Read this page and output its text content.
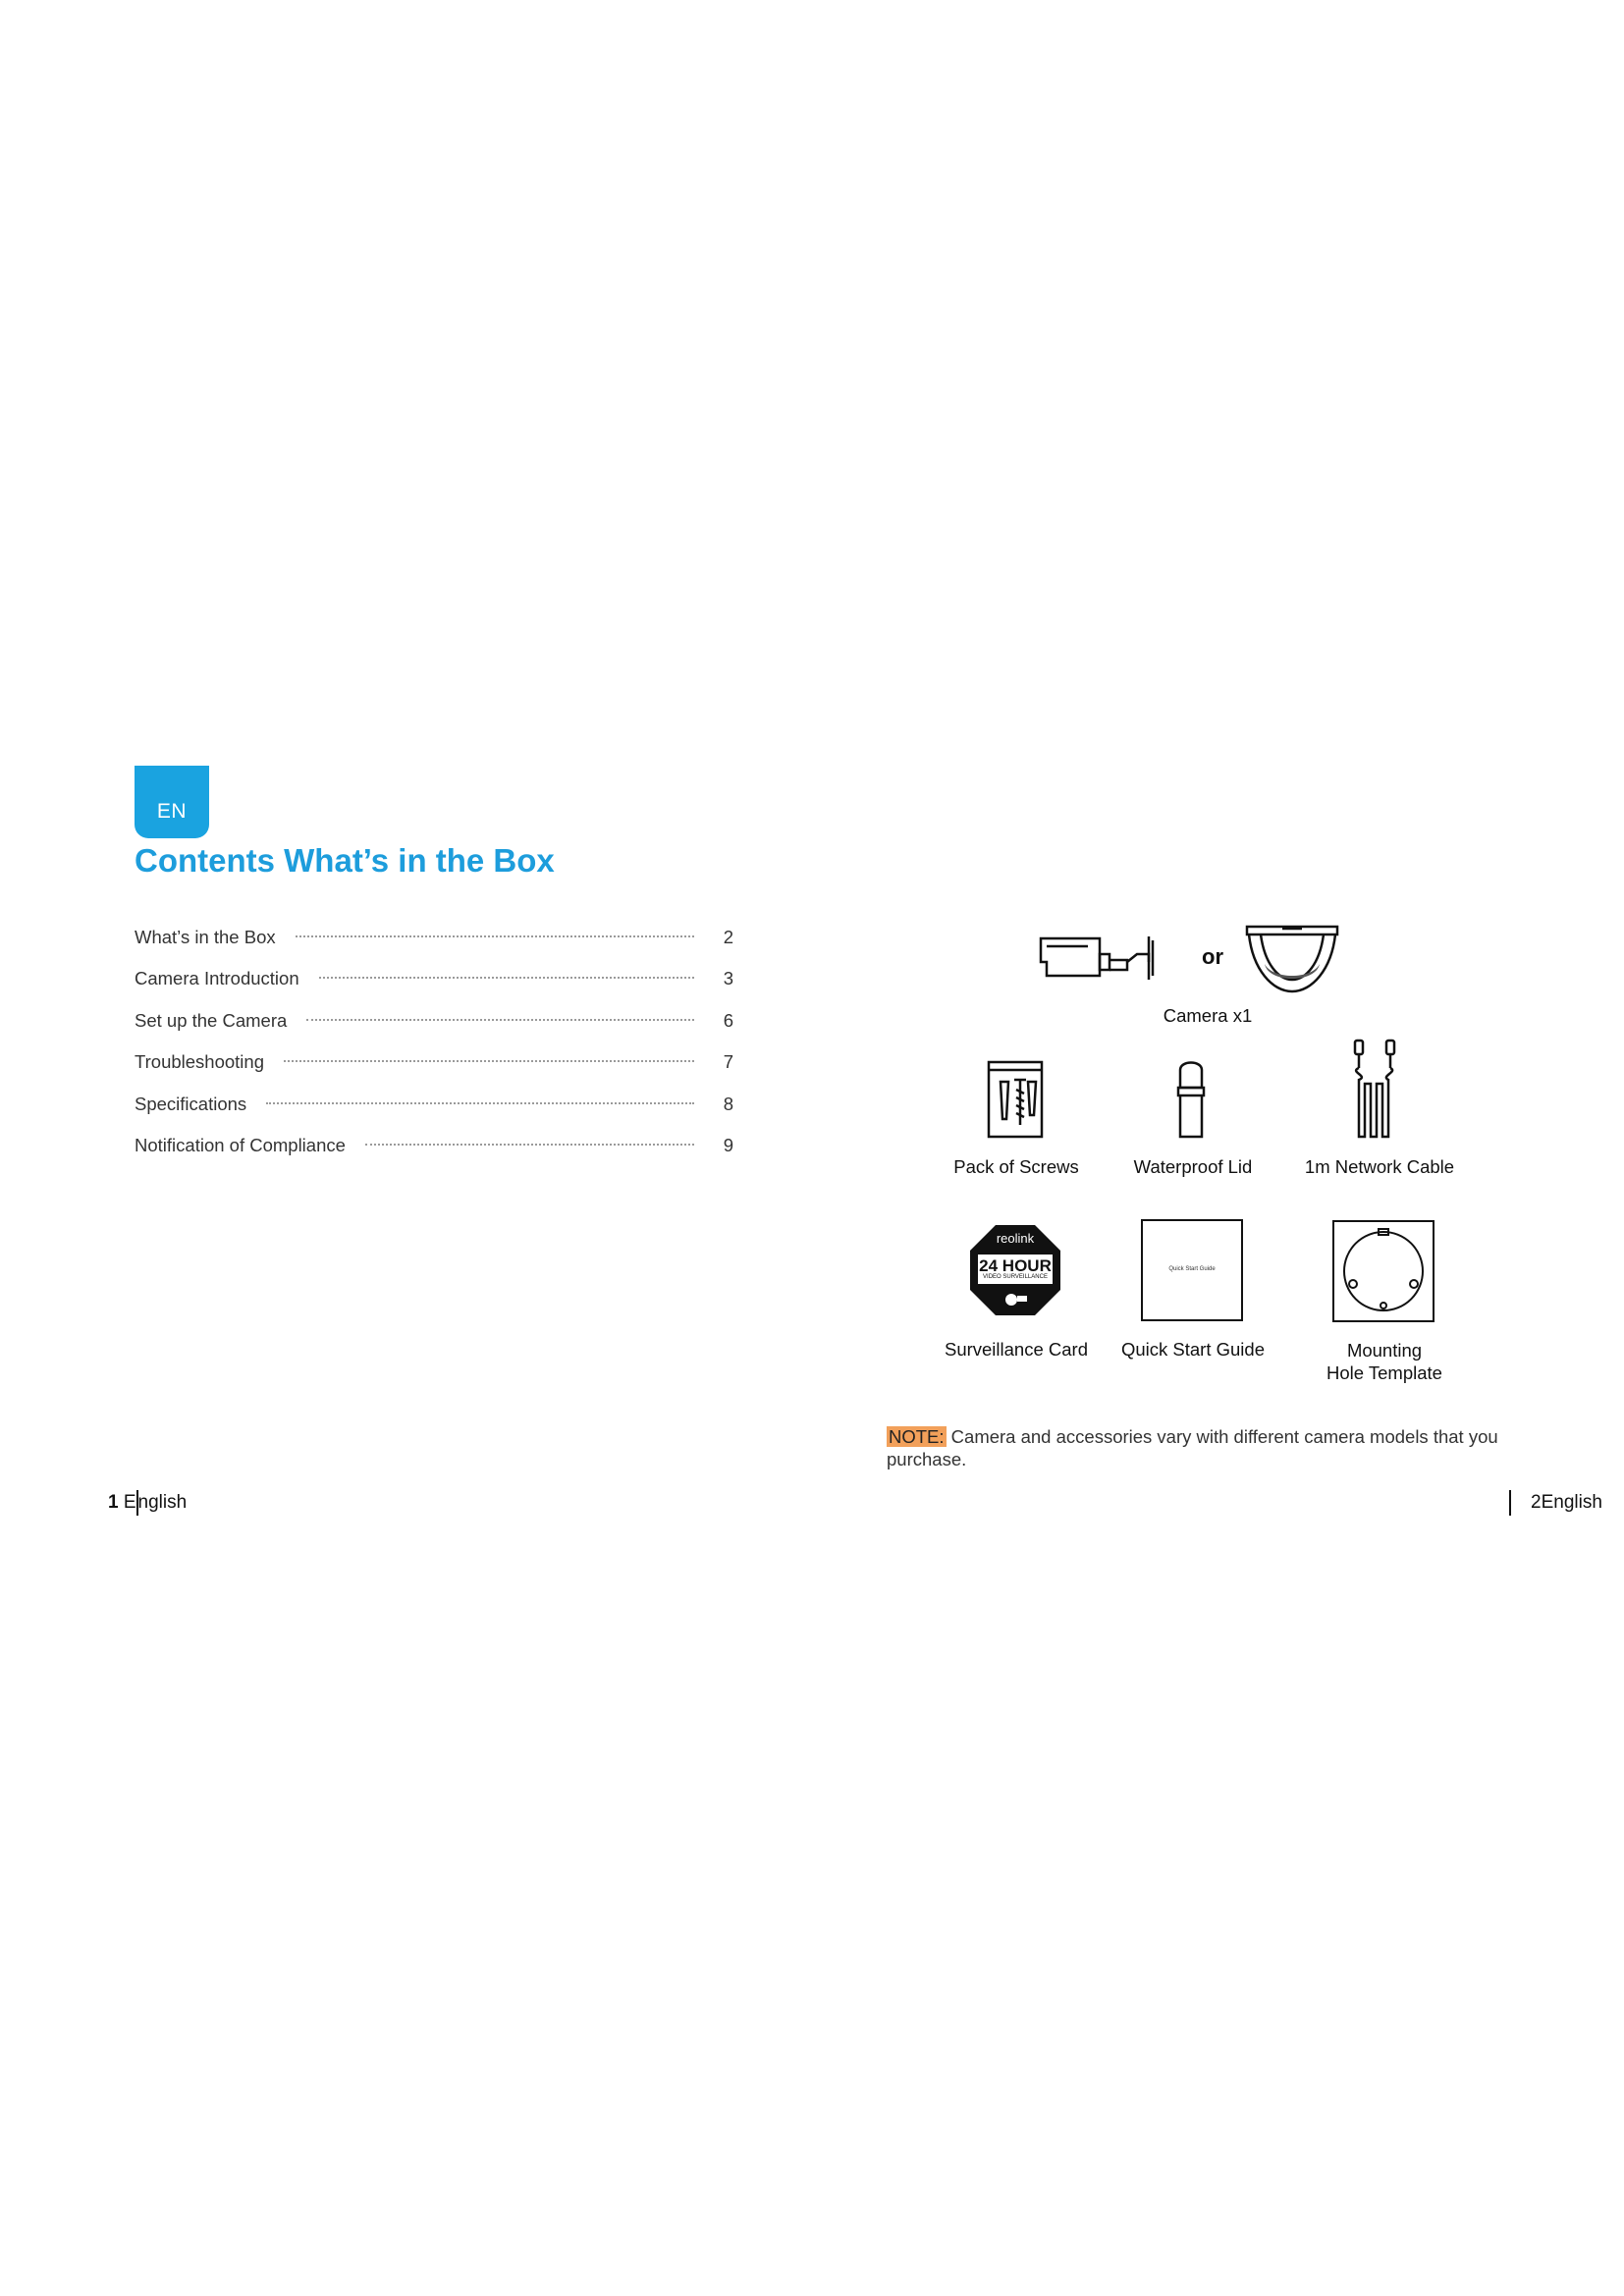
EN
Contents What’s in the Box
What’s in the Box	2
Camera Introduction	3
Set up the Camera	6
Troubleshooting	7
Specifications	8
Notification of Compliance	9
or
Camera x1
Pack of Screws	Waterproof Lid	1m Network Cable
reolink
24 HOUR
VIDEO SURVEILLANCE
Surveillance Card
Quick Start Guide
Quick Start Guide	Mounting
Hole Template
NOTE: Camera and accessories vary with different camera models that you purchase.
1 E nglish	2English
